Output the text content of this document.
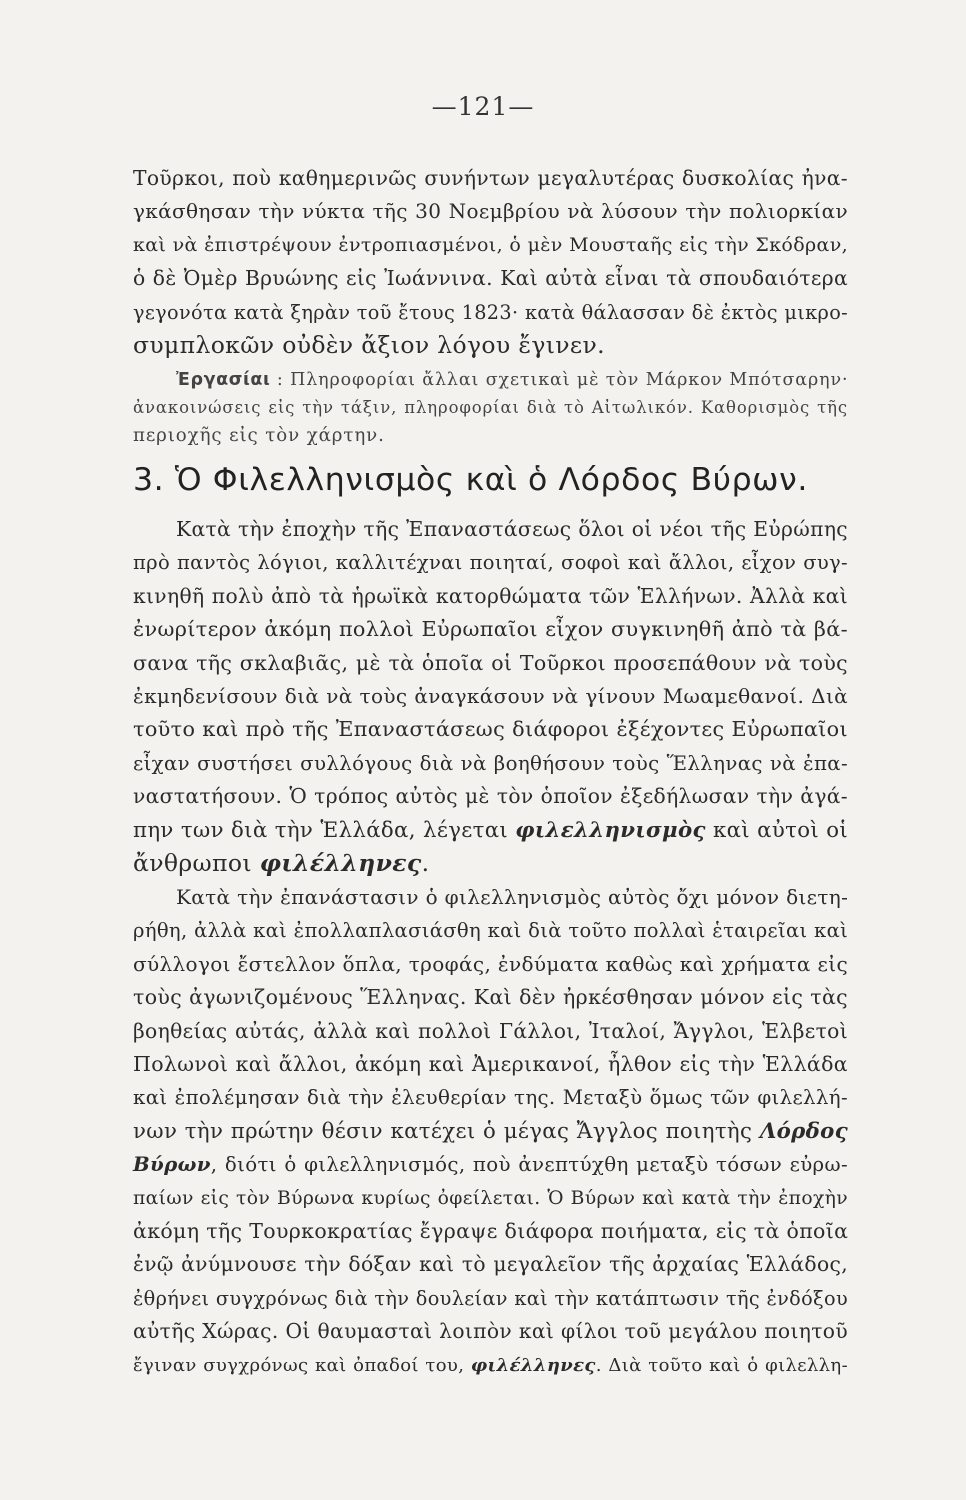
—121—
Τοῦρκοι, ποὺ καθημερινῶς συνήντων μεγαλυτέρας δυσκολίας ἠνα-
γκάσθησαν τὴν νύκτα τῆς 30 Νοεμβρίου νὰ λύσουν τὴν πολιορκίαν
καὶ νὰ ἐπιστρέψουν ἐντροπιασμένοι, ὁ μὲν Μουσταῆς εἰς τὴν Σκόδραν,
ὁ δὲ Ὀμὲρ Βρυώνης εἰς Ἰωάννινα. Καὶ αὐτὰ εἶναι τὰ σπουδαιότερα
γεγονότα κατὰ ξηρὰν τοῦ ἔτους 1823· κατὰ θάλασσαν δὲ ἐκτὸς μικρο-
συμπλοκῶν οὐδὲν ἄξιον λόγου ἔγινεν.
Ἐργασίαι : Πληροφορίαι ἄλλαι σχετικαὶ μὲ τὸν Μάρκον Μπότσαρην·
ἀνακοινώσεις εἰς τὴν τάξιν, πληροφορίαι διὰ τὸ Αἰτωλικόν. Καθορισμὸς τῆς
περιοχῆς εἰς τὸν χάρτην.
3. Ὁ Φιλελληνισμὸς καὶ ὁ Λόρδος Βύρων.
Κατὰ τὴν ἐποχὴν τῆς Ἐπαναστάσεως ὅλοι οἱ νέοι τῆς Εὐρώπης
πρὸ παντὸς λόγιοι, καλλιτέχναι ποιηταί, σοφοὶ καὶ ἄλλοι, εἶχον συγ-
κινηθῆ πολὺ ἀπὸ τὰ ἡρωϊκὰ κατορθώματα τῶν Ἑλλήνων. Ἀλλὰ καὶ
ἐνωρίτερον ἀκόμη πολλοὶ Εὐρωπαῖοι εἶχον συγκινηθῆ ἀπὸ τὰ βά-
σανα τῆς σκλαβιᾶς, μὲ τὰ ὁποῖα οἱ Τοῦρκοι προσεπάθουν νὰ τοὺς
ἐκμηδενίσουν διὰ νὰ τοὺς ἀναγκάσουν νὰ γίνουν Μωαμεθανοί. Διὰ
τοῦτο καὶ πρὸ τῆς Ἐπαναστάσεως διάφοροι ἐξέχοντες Εὐρωπαῖοι
εἶχαν συστήσει συλλόγους διὰ νὰ βοηθήσουν τοὺς Ἕλληνας νὰ ἐπα-
ναστατήσουν. Ὁ τρόπος αὐτὸς μὲ τὸν ὁποῖον ἐξεδήλωσαν τὴν ἀγά-
πην των διὰ τὴν Ἑλλάδα, λέγεται φιλελληνισμὸς καὶ αὐτοὶ οἱ
ἄνθρωποι φιλέλληνες.
Κατὰ τὴν ἐπανάστασιν ὁ φιλελληνισμὸς αὐτὸς ὄχι μόνον διετη-
ρήθη, ἀλλὰ καὶ ἐπολλαπλασιάσθη καὶ διὰ τοῦτο πολλαὶ ἑταιρεῖαι καὶ
σύλλογοι ἔστελλον ὅπλα, τροφάς, ἐνδύματα καθὼς καὶ χρήματα εἰς
τοὺς ἀγωνιζομένους Ἕλληνας. Καὶ δὲν ἠρκέσθησαν μόνον εἰς τὰς
βοηθείας αὐτάς, ἀλλὰ καὶ πολλοὶ Γάλλοι, Ἰταλοί, Ἄγγλοι, Ἑλβετοὶ
Πολωνοὶ καὶ ἄλλοι, ἀκόμη καὶ Ἀμερικανοί, ἦλθον εἰς τὴν Ἑλλάδα
καὶ ἐπολέμησαν διὰ τὴν ἐλευθερίαν της. Μεταξὺ ὅμως τῶν φιλελλή-
νων τὴν πρώτην θέσιν κατέχει ὁ μέγας Ἄγγλος ποιητὴς Λόρδος
Βύρων, διότι ὁ φιλελληνισμός, ποὺ ἀνεπτύχθη μεταξὺ τόσων εὐρω-
παίων εἰς τὸν Βύρωνα κυρίως ὀφείλεται. Ὁ Βύρων καὶ κατὰ τὴν ἐποχὴν
ἀκόμη τῆς Τουρκοκρατίας ἔγραψε διάφορα ποιήματα, εἰς τὰ ὁποῖα
ἐνῷ ἀνύμνουσε τὴν δόξαν καὶ τὸ μεγαλεῖον τῆς ἀρχαίας Ἑλλάδος,
ἐθρήνει συγχρόνως διὰ τὴν δουλείαν καὶ τὴν κατάπτωσιν τῆς ἐνδόξου
αὐτῆς Χώρας. Οἱ θαυμασταὶ λοιπὸν καὶ φίλοι τοῦ μεγάλου ποιητοῦ
ἔγιναν συγχρόνως καὶ ὀπαδοί του, φιλέλληνες. Διὰ τοῦτο καὶ ὁ φιλελλη-
